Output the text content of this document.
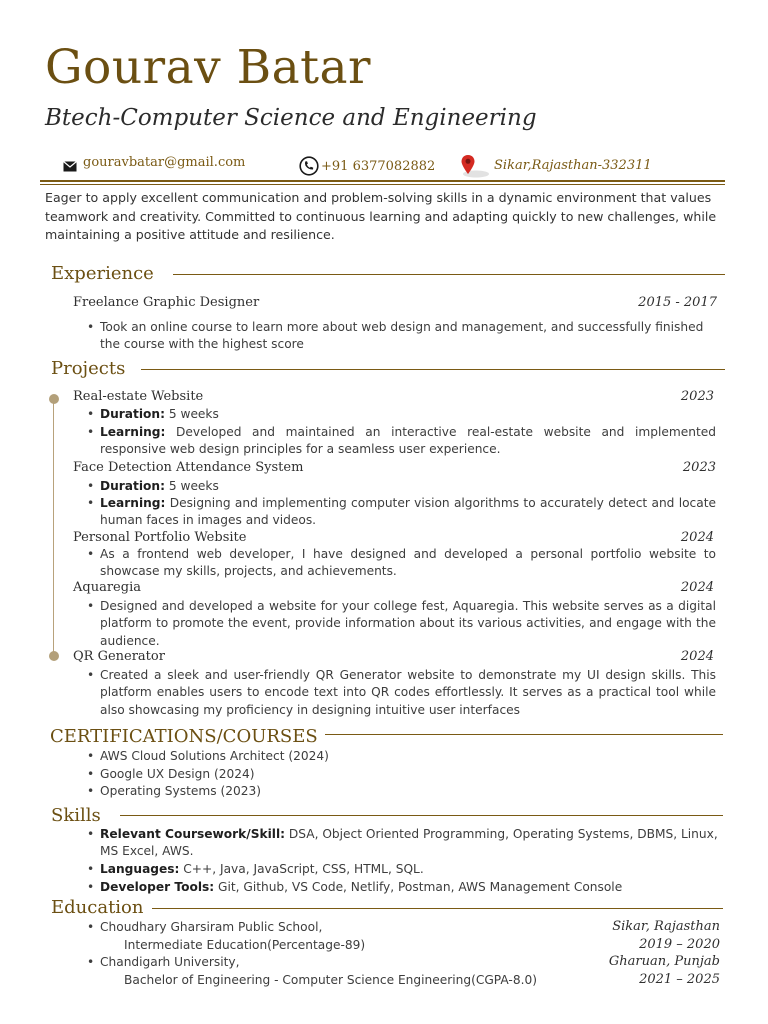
Gourav Batar
Btech-Computer Science and Engineering
gouravbatar@gmail.com	+91 6377082882	Sikar,Rajasthan-332311
Eager to apply excellent communication and problem-solving skills in a dynamic environment that values teamwork and creativity. Committed to continuous learning and adapting quickly to new challenges, while maintaining a positive attitude and resilience.
Experience
Freelance Graphic Designer	2015 - 2017
• Took an online course to learn more about web design and management, and successfully finished the course with the highest score
Projects
Real-estate Website	2023
• Duration: 5 weeks
• Learning: Developed and maintained an interactive real-estate website and implemented responsive web design principles for a seamless user experience.
Face Detection Attendance System	2023
• Duration: 5 weeks
• Learning: Designing and implementing computer vision algorithms to accurately detect and locate human faces in images and videos.
Personal Portfolio Website	2024
• As a frontend web developer, I have designed and developed a personal portfolio website to showcase my skills, projects, and achievements.
Aquaregia	2024
• Designed and developed a website for your college fest, Aquaregia. This website serves as a digital platform to promote the event, provide information about its various activities, and engage with the audience.
QR Generator	2024
• Created a sleek and user-friendly QR Generator website to demonstrate my UI design skills. This platform enables users to encode text into QR codes effortlessly. It serves as a practical tool while also showcasing my proficiency in designing intuitive user interfaces
CERTIFICATIONS/COURSES
• AWS Cloud Solutions Architect (2024)
• Google UX Design (2024)
• Operating Systems (2023)
Skills
• Relevant Coursework/Skill: DSA, Object Oriented Programming, Operating Systems, DBMS, Linux, MS Excel, AWS.
• Languages: C++, Java, JavaScript, CSS, HTML, SQL.
• Developer Tools: Git, Github, VS Code, Netlify, Postman, AWS Management Console
Education
• Choudhary Gharsiram Public School,	Sikar, Rajasthan
Intermediate Education(Percentage-89)	2019 – 2020
• Chandigarh University,	Gharuan, Punjab
Bachelor of Engineering - Computer Science Engineering(CGPA-8.0)	2021 – 2025
